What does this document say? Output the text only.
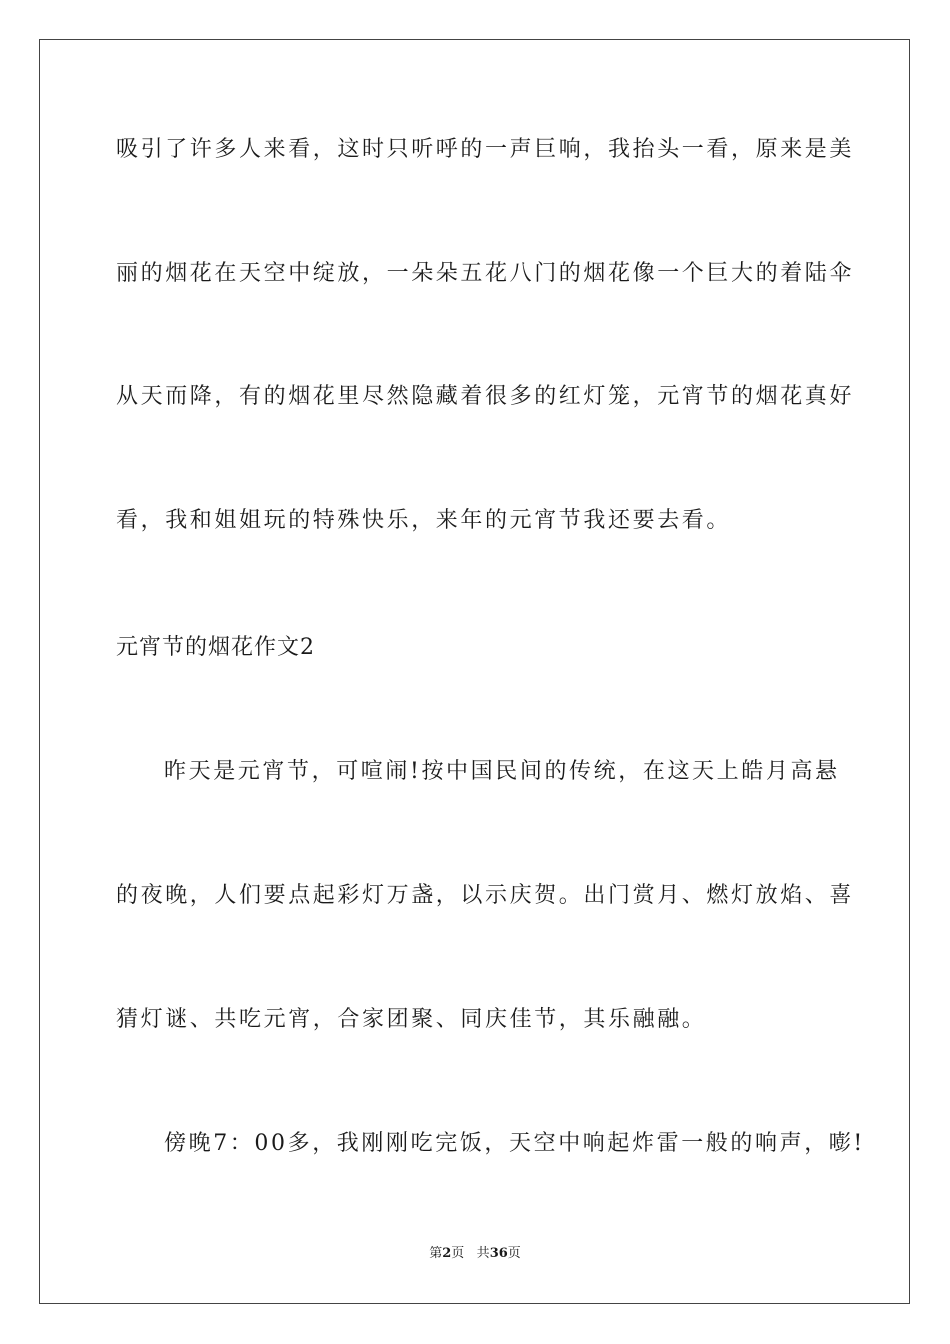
吸引了许多人来看，这时只听呼的一声巨响，我抬头一看，原来是美
丽的烟花在天空中绽放，一朵朵五花八门的烟花像一个巨大的着陆伞
从天而降，有的烟花里尽然隐藏着很多的红灯笼，元宵节的烟花真好
看，我和姐姐玩的特殊快乐，来年的元宵节我还要去看。
元宵节的烟花作文2
昨天是元宵节，可喧闹!按中国民间的传统，在这天上皓月高悬
的夜晚，人们要点起彩灯万盏，以示庆贺。出门赏月、燃灯放焰、喜
猜灯谜、共吃元宵，合家团聚、同庆佳节，其乐融融。
傍晚7：00多，我刚刚吃完饭，天空中响起炸雷一般的响声，嘭!
第2页 共36页
